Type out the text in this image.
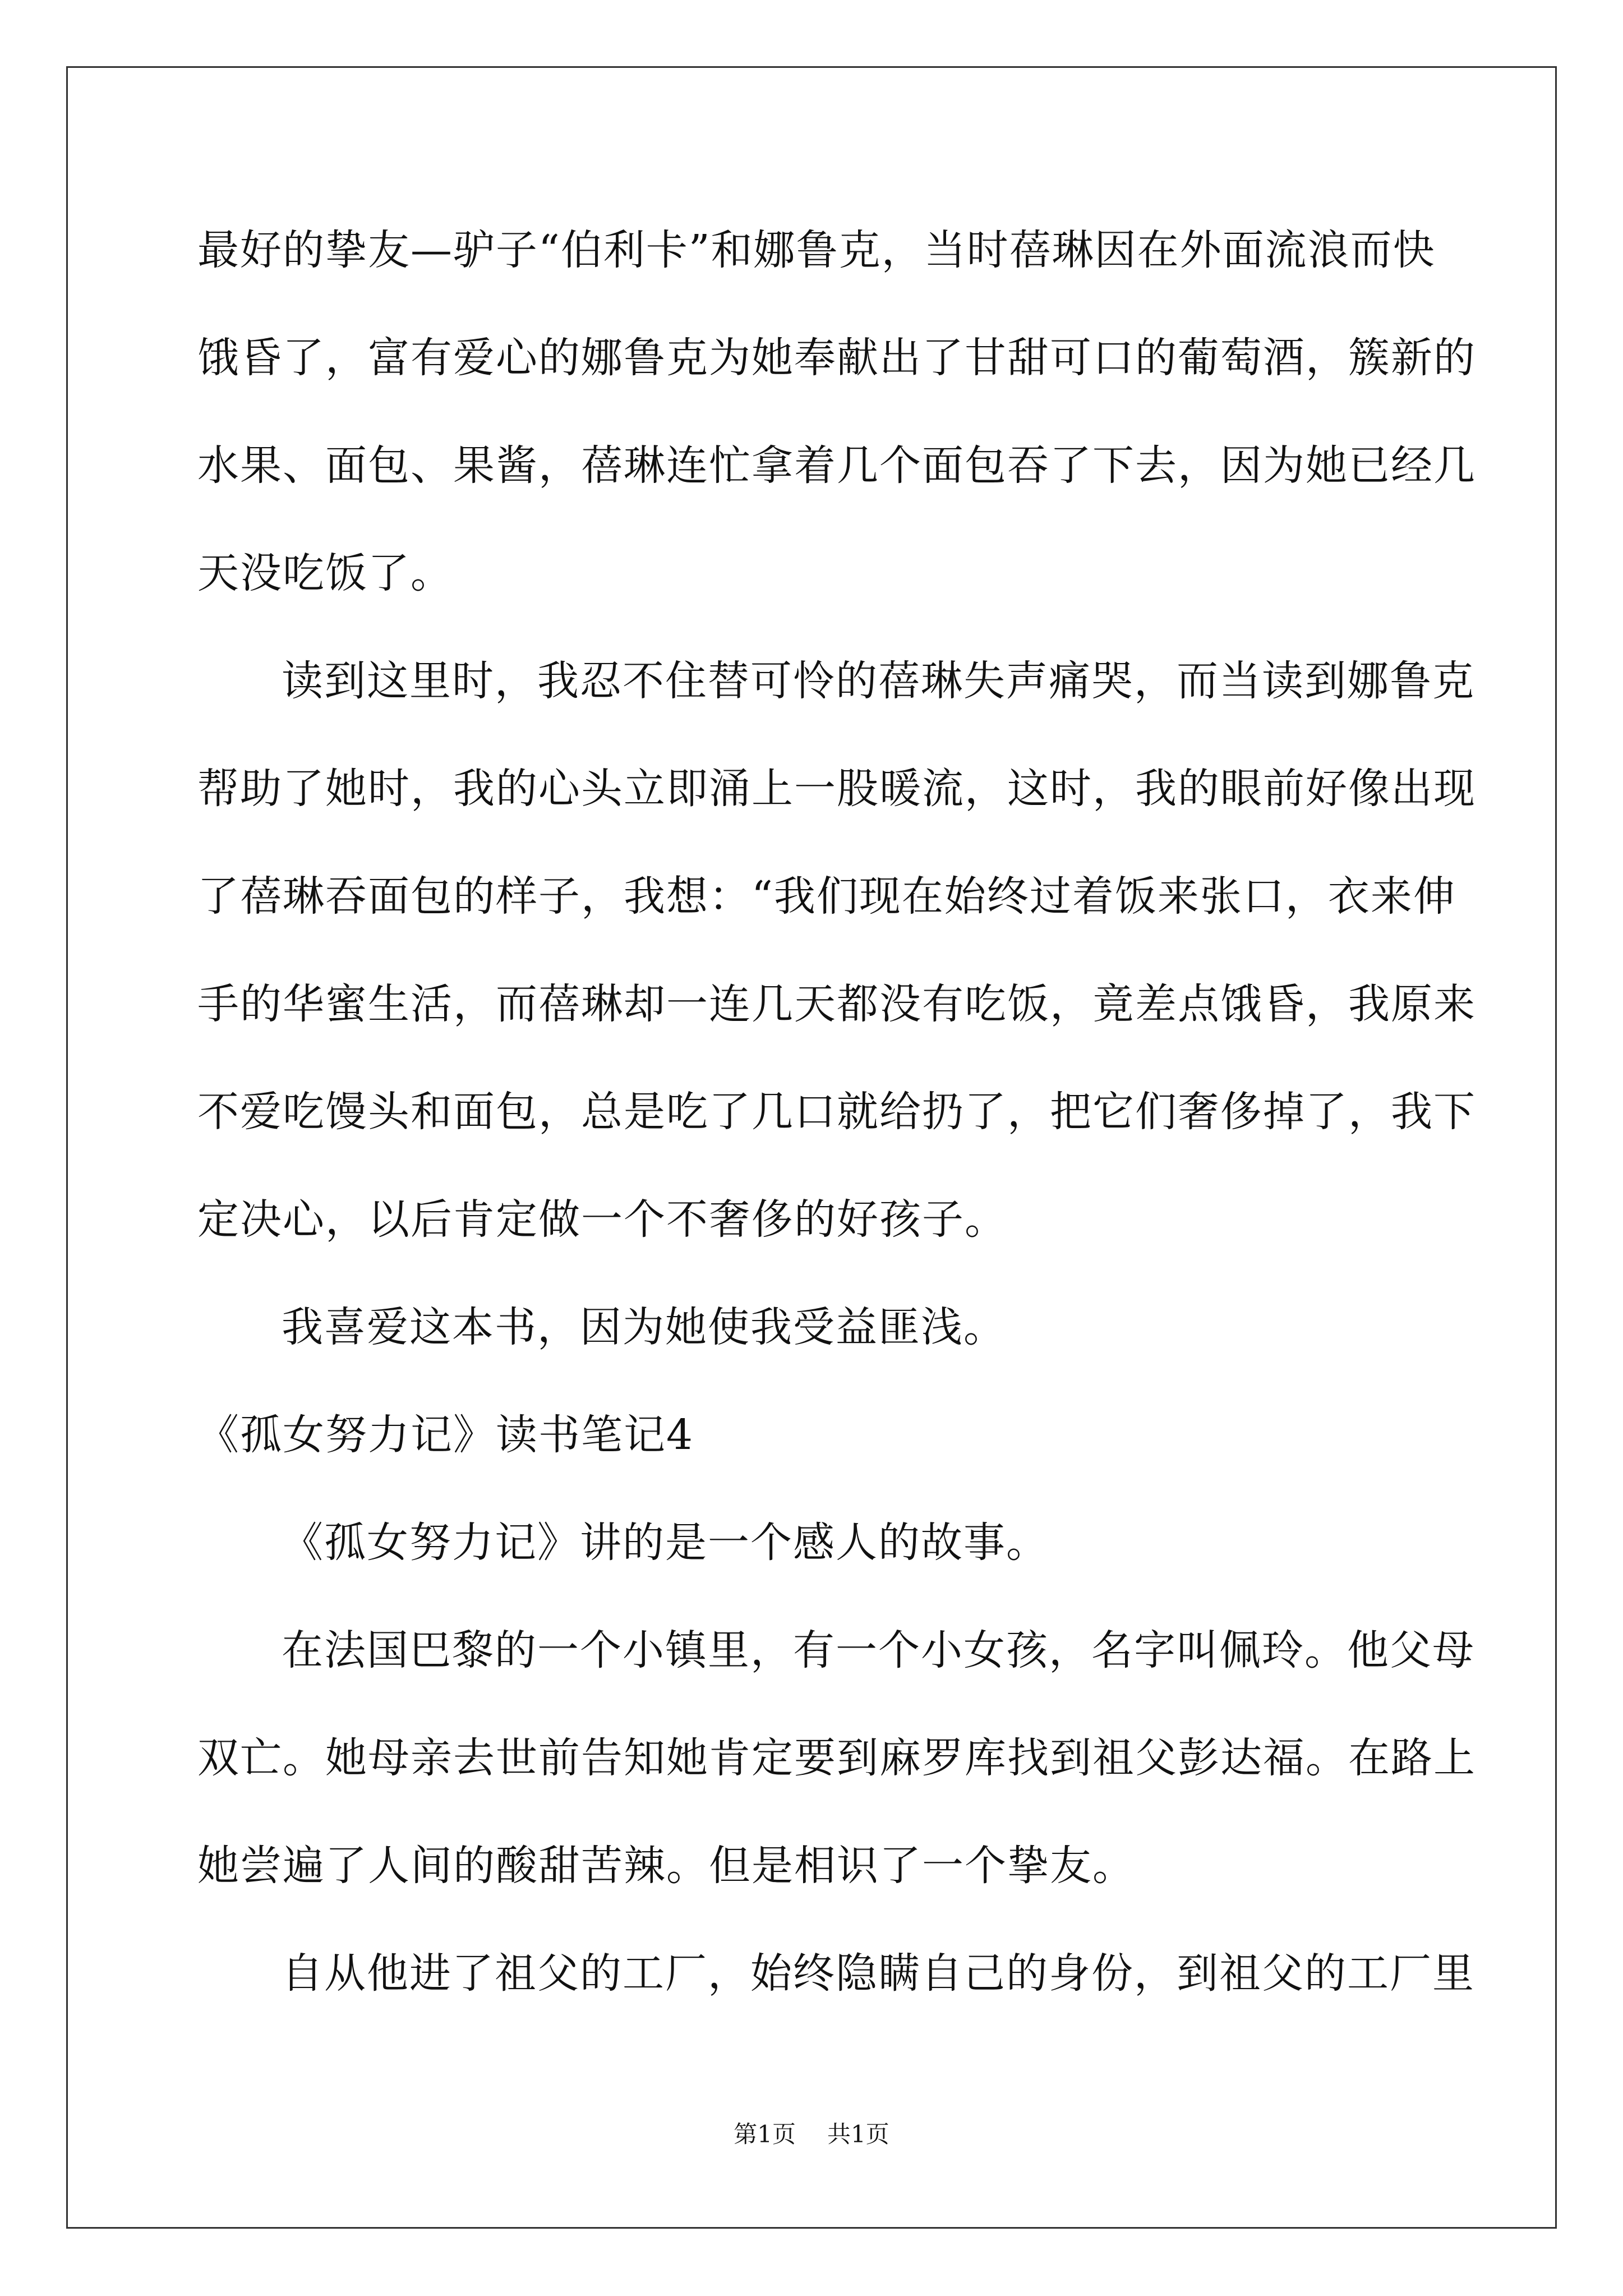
最好的挚友—驴子“伯利卡”和娜鲁克，当时蓓琳因在外面流浪而快
饿昏了，富有爱心的娜鲁克为她奉献出了甘甜可口的葡萄酒，簇新的
水果、面包、果酱，蓓琳连忙拿着几个面包吞了下去，因为她已经几
天没吃饭了。
读到这里时，我忍不住替可怜的蓓琳失声痛哭，而当读到娜鲁克
帮助了她时，我的心头立即涌上一股暖流，这时，我的眼前好像出现
了蓓琳吞面包的样子，我想：“我们现在始终过着饭来张口，衣来伸
手的华蜜生活，而蓓琳却一连几天都没有吃饭，竟差点饿昏，我原来
不爱吃馒头和面包，总是吃了几口就给扔了，把它们奢侈掉了，我下
定决心，以后肯定做一个不奢侈的好孩子。
我喜爱这本书，因为她使我受益匪浅。
《孤女努力记》读书笔记4
《孤女努力记》讲的是一个感人的故事。
在法国巴黎的一个小镇里，有一个小女孩，名字叫佩玲。他父母
双亡。她母亲去世前告知她肯定要到麻罗库找到祖父彭达福。在路上
她尝遍了人间的酸甜苦辣。但是相识了一个挚友。
自从他进了祖父的工厂，始终隐瞒自己的身份，到祖父的工厂里
第1页 共1页
